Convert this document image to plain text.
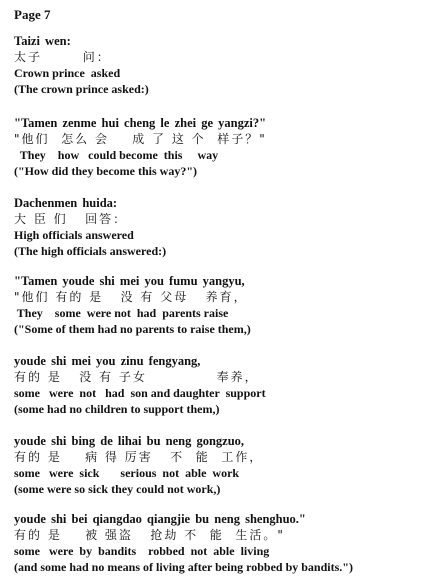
Page 7
Taizi wen:
太子       问：
Crown prince  asked
(The crown prince asked:)
"Tamen zenme hui cheng le zhei ge yangzi?"
"他们  怎么 会    成 了 这 个  样子？"
They    how   could become  this     way
("How did they become this way?")
Dachenmen huida:
大 臣 们   回答：
High officials answered
(The high officials answered:)
"Tamen youde shi mei you fumu yangyu,
"他们 有的 是   没 有 父母   养育，
They    some  were not  had  parents raise
("Some of them had no parents to raise them,)
youde shi mei you zinu fengyang,
有的 是   没 有 子女            奉养，
some   were  not   had  son and daughter  support
(some had no children to support them,)
youde shi bing de lihai bu neng gongzuo,
有的 是    病 得 厉害   不  能  工作，
some   were  sick       serious  not  able  work
(some were so sick they could not work,)
youde shi bei qiangdao qiangjie bu neng shenghuo."
有的 是    被 强盗   抢劫 不  能  生活。"
some   were  by  bandits    robbed  not  able  living
(and some had no means of living after being robbed by bandits.")
